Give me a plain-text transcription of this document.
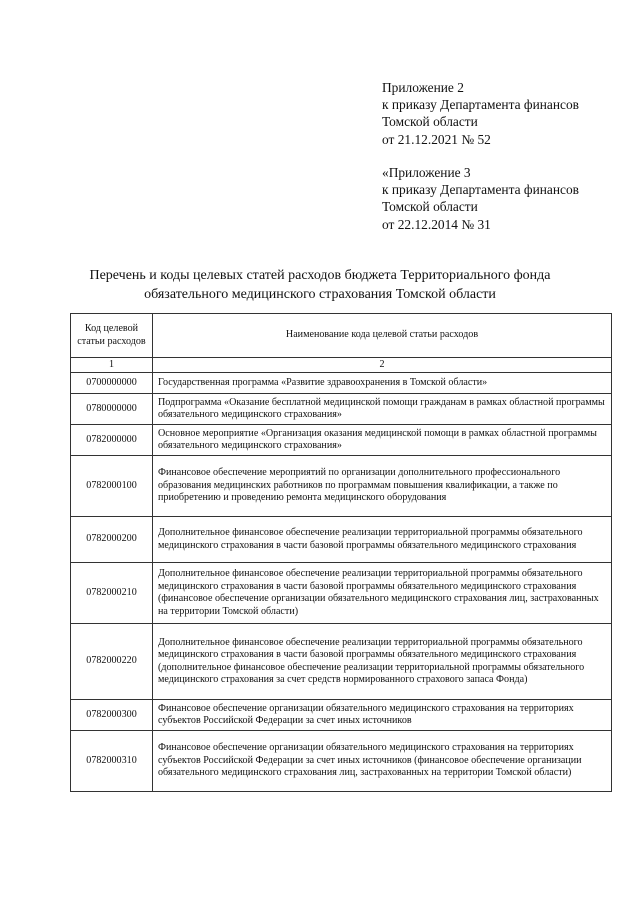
Приложение 2
к приказу Департамента финансов
Томской области
от 21.12.2021 № 52
«Приложение 3
к приказу Департамента финансов
Томской области
от 22.12.2014 № 31
Перечень и коды целевых статей расходов бюджета Территориального фонда
обязательного медицинского страхования Томской области
Код целевой статьи расходов	Наименование кода целевой статьи расходов
1	2
0700000000	Государственная программа «Развитие здравоохранения в Томской области»
0780000000	Подпрограмма «Оказание бесплатной медицинской помощи гражданам в рамках областной программы обязательного медицинского страхования»
0782000000	Основное мероприятие «Организация оказания медицинской помощи в рамках областной программы обязательного медицинского страхования»
0782000100	Финансовое обеспечение мероприятий по организации дополнительного профессионального образования медицинских работников по программам повышения квалификации, а также по приобретению и проведению ремонта медицинского оборудования
0782000200	Дополнительное финансовое обеспечение реализации территориальной программы обязательного медицинского страхования в части базовой программы обязательного медицинского страхования
0782000210	Дополнительное финансовое обеспечение реализации территориальной программы обязательного медицинского страхования в части базовой программы обязательного медицинского страхования (финансовое обеспечение организации обязательного медицинского страхования лиц, застрахованных на территории Томской области)
0782000220	Дополнительное финансовое обеспечение реализации территориальной программы обязательного медицинского страхования в части базовой программы обязательного медицинского страхования (дополнительное финансовое обеспечение реализации территориальной программы обязательного медицинского страхования за счет средств нормированного страхового запаса Фонда)
0782000300	Финансовое обеспечение организации обязательного медицинского страхования на территориях субъектов Российской Федерации за счет иных источников
0782000310	Финансовое обеспечение организации обязательного медицинского страхования на территориях субъектов Российской Федерации за счет иных источников (финансовое обеспечение организации обязательного медицинского страхования лиц, застрахованных на территории Томской области)
